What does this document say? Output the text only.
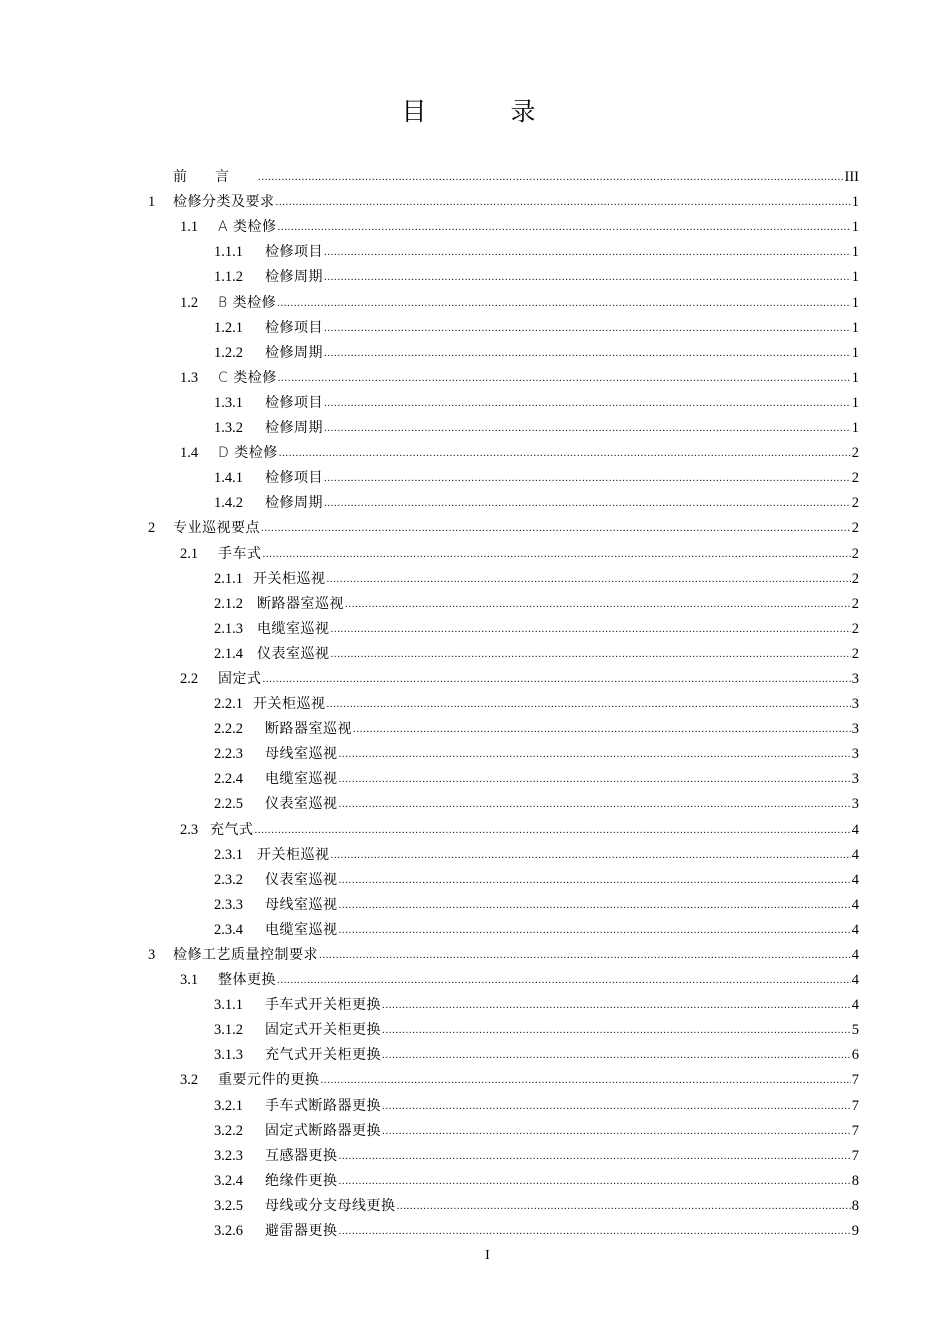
目 录
前言 .....	III
1	检修分类及要求 .....	1
1.1	A 类检修 .....	1
1.1.1	检修项目 .....	1
1.1.2	检修周期 .....	1
1.2	B 类检修 .....	1
1.2.1	检修项目 .....	1
1.2.2	检修周期 .....	1
1.3	C 类检修 .....	1
1.3.1	检修项目 .....	1
1.3.2	检修周期 .....	1
1.4	D 类检修 .....	2
1.4.1	检修项目 .....	2
1.4.2	检修周期 .....	2
2	专业巡视要点 .....	2
2.1	手车式 .....	2
2.1.1 开关柜巡视 .....	2
2.1.2	断路器室巡视 .....	2
2.1.3	电缆室巡视 .....	2
2.1.4	仪表室巡视 .....	2
2.2	固定式 .....	3
2.2.1 开关柜巡视 .....	3
2.2.2	断路器室巡视 .....	3
2.2.3	母线室巡视 .....	3
2.2.4	电缆室巡视 .....	3
2.2.5	仪表室巡视 .....	3
2.3 充气式 .....	4
2.3.1	开关柜巡视 .....	4
2.3.2	仪表室巡视 .....	4
2.3.3	母线室巡视 .....	4
2.3.4	电缆室巡视 .....	4
3	检修工艺质量控制要求 .....	4
3.1	整体更换 .....	4
3.1.1	手车式开关柜更换 .....	4
3.1.2	固定式开关柜更换 .....	5
3.1.3	充气式开关柜更换 .....	6
3.2	重要元件的更换 .....	7
3.2.1	手车式断路器更换 .....	7
3.2.2	固定式断路器更换 .....	7
3.2.3	互感器更换 .....	7
3.2.4	绝缘件更换 .....	8
3.2.5	母线或分支母线更换 .....	8
3.2.6	避雷器更换 .....	9
I
